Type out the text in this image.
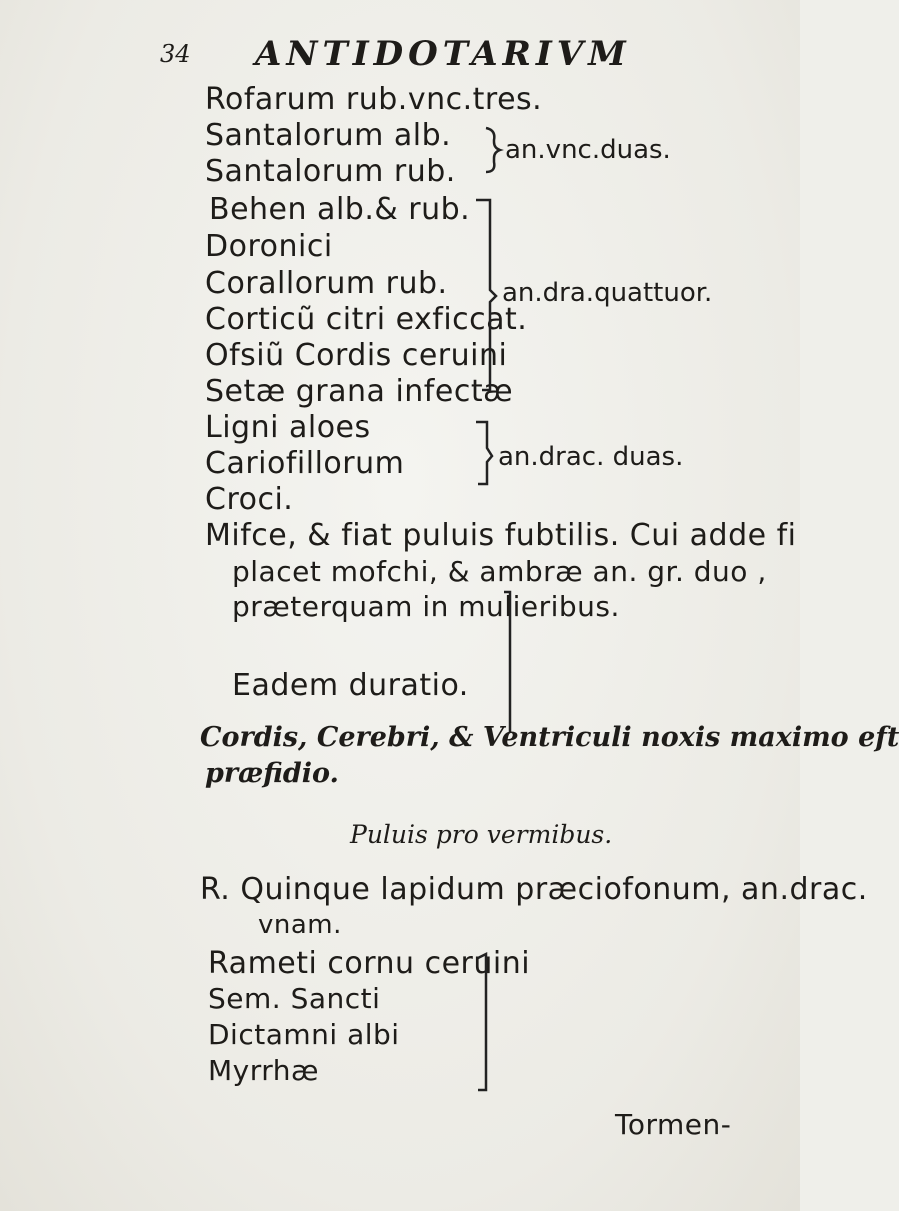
34 ANTIDOTARIVM
Rofarum rub.vnc.tres.
Santalorum alb.
Santalorum rub.
Behen alb.& rub.
Doronici
Corallorum rub.
Corticũ citri exficcat.
Ofsiũ Cordis ceruini
Setæ grana infectæ
Ligni aloes
Cariofillorum
Croci.
an.vnc.duas.
an.dra.quattuor.
an.drac. duas.
Mifce, & fiat puluis fubtilis. Cui adde fi
placet mofchi, & ambræ an. gr. duo ,
præterquam in mulieribus.
Eadem duratio.
Cordis, Cerebri, & Ventriculi noxis maximo eft
præfidio.
Puluis pro vermibus.
R. Quinque lapidum præciofonum, an.drac.
vnam.
Rameti cornu ceruini
Sem. Sancti
Dictamni albi
Myrrhæ
Tormen-
